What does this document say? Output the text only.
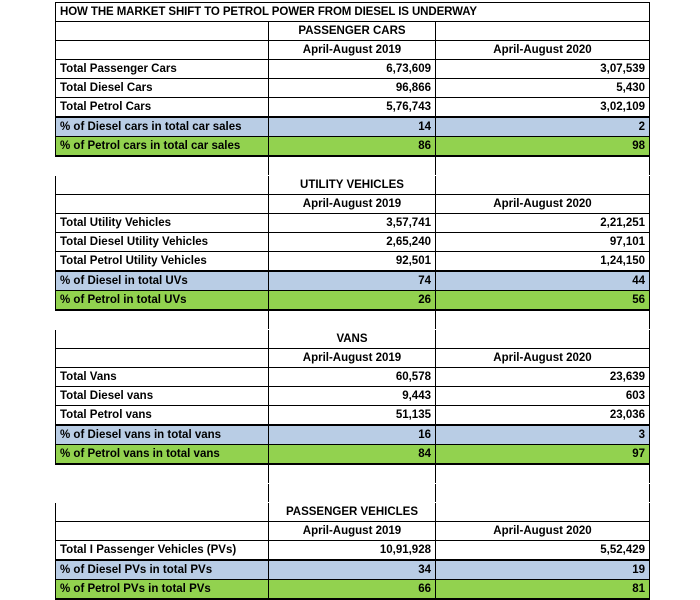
HOW THE MARKET SHIFT TO PETROL POWER FROM DIESEL IS UNDERWAY		
	PASSENGER CARS	
	April-August 2019	April-August 2020
Total Passenger Cars	6,73,609	3,07,539
Total Diesel Cars	96,866	5,430
Total Petrol Cars	5,76,743	3,02,109
% of Diesel cars in total car sales	14	2
% of Petrol cars in total car sales	86	98

	UTILITY VEHICLES	
	April-August 2019	April-August 2020
Total Utility Vehicles	3,57,741	2,21,251
Total Diesel Utility Vehicles	2,65,240	97,101
Total Petrol Utility Vehicles	92,501	1,24,150
% of Diesel in total UVs	74	44
% of Petrol in total UVs	26	56

	VANS	
	April-August 2019	April-August 2020
Total Vans	60,578	23,639
Total Diesel vans	9,443	603
Total Petrol vans	51,135	23,036
% of Diesel vans in total vans	16	3
% of Petrol vans in total vans	84	97

	PASSENGER VEHICLES	
	April-August 2019	April-August 2020
Total I Passenger Vehicles (PVs)	10,91,928	5,52,429
% of Diesel PVs in total PVs	34	19
% of Petrol PVs in total PVs	66	81
